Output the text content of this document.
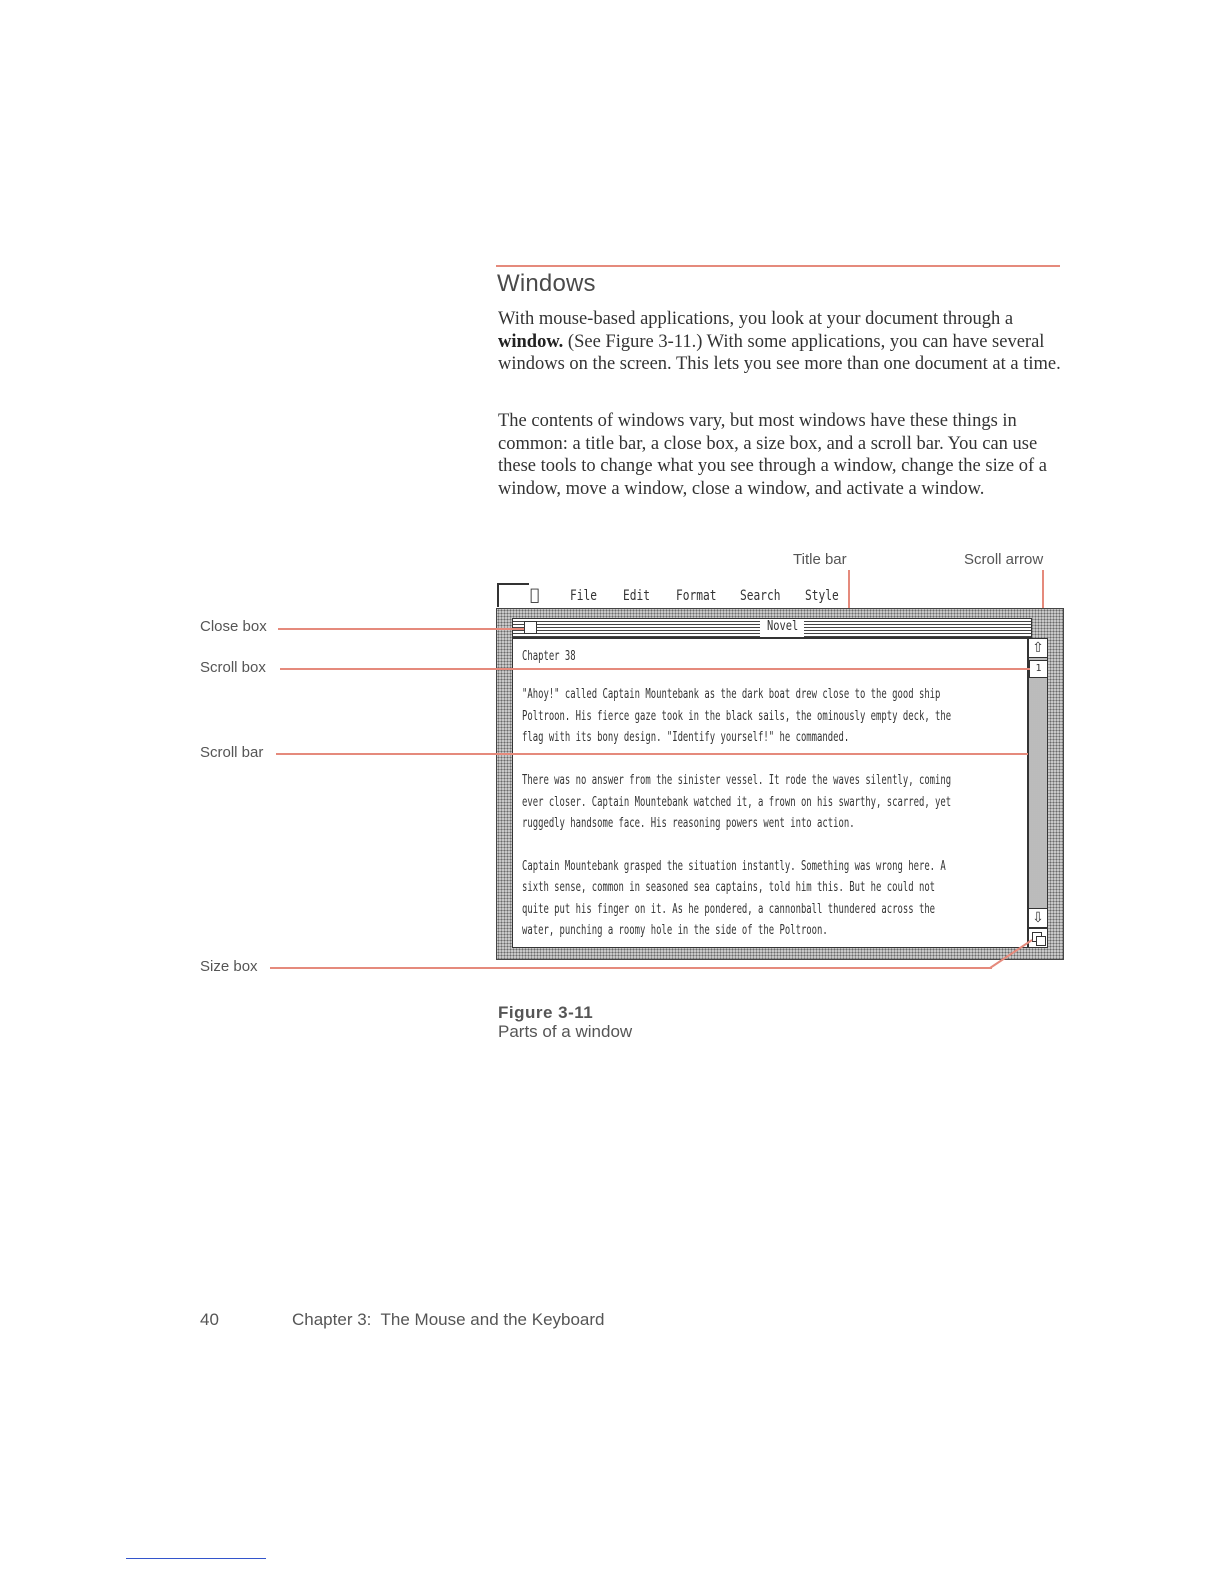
Windows
With mouse-based applications, you look at your document through a window. (See Figure 3-11.) With some applications, you can have several windows on the screen. This lets you see more than one document at a time.
The contents of windows vary, but most windows have these things in common: a title bar, a close box, a size box, and a scroll bar. You can use these tools to change what you see through a window, change the size of a window, move a window, close a window, and activate a window.
Title bar	Scroll arrow
File Edit Format Search Style
Novel
Chapter 38
"Ahoy!" called Captain Mountebank as the dark boat drew close to the good ship
Poltroon. His fierce gaze took in the black sails, the ominously empty deck, the
flag with its bony design. "Identify yourself!" he commanded.
There was no answer from the sinister vessel. It rode the waves silently, coming
ever closer. Captain Mountebank watched it, a frown on his swarthy, scarred, yet
ruggedly handsome face. His reasoning powers went into action.
Captain Mountebank grasped the situation instantly. Something was wrong here. A
sixth sense, common in seasoned sea captains, told him this. But he could not
quite put his finger on it. As he pondered, a cannonball thundered across the
water, punching a roomy hole in the side of the Poltroon.
⇧
1
⇩
Close box
Scroll box
Scroll bar
Size box
Figure 3-11
Parts of a window
40	Chapter 3:  The Mouse and the Keyboard
